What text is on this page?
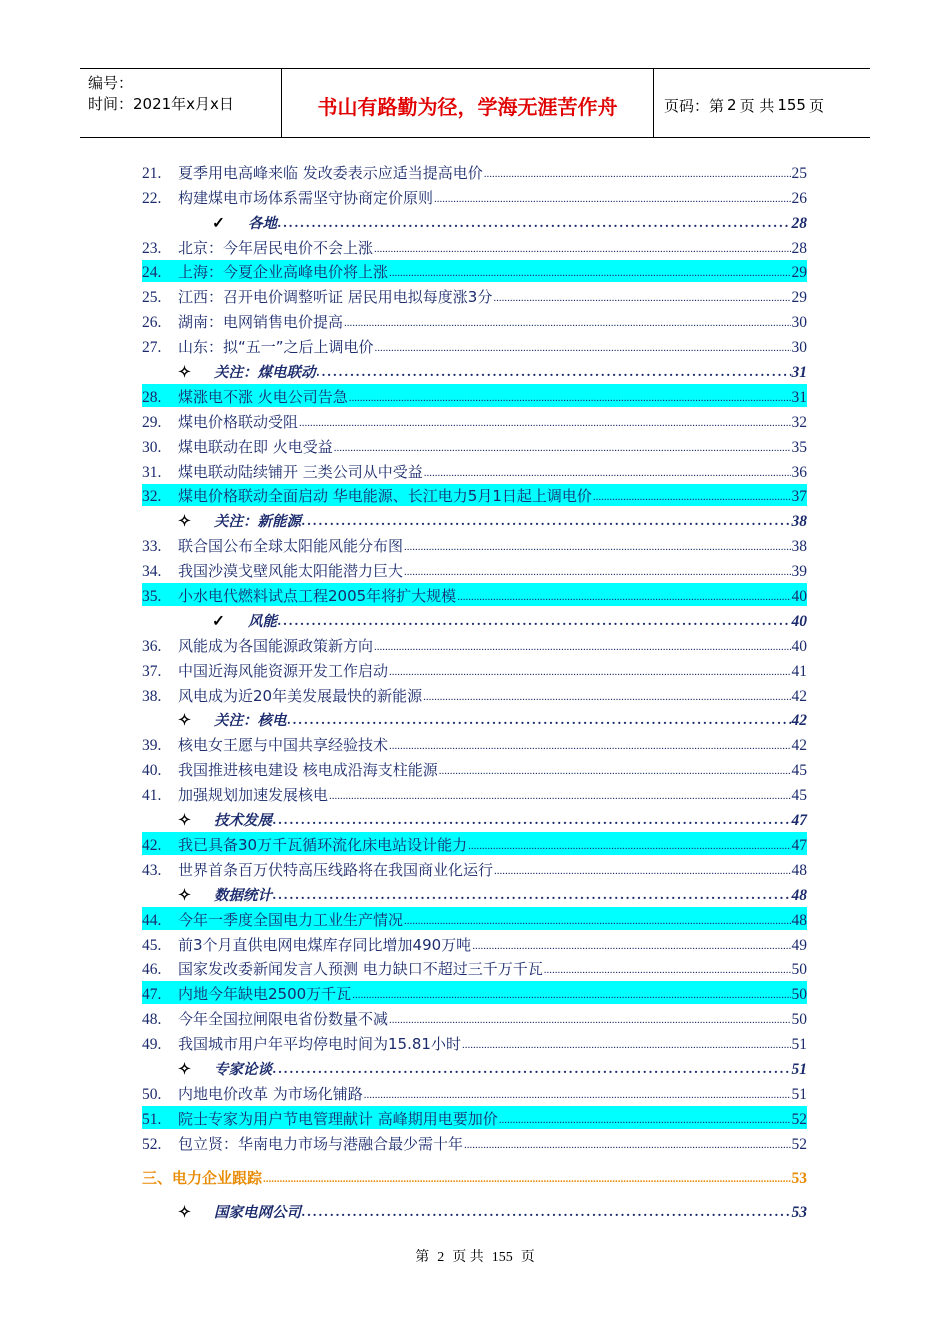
编号：
时间：2021年x月x日	书山有路勤为径，学海无涯苦作舟	页码：第 2 页 共 155 页
21.	夏季用电高峰来临 发改委表示应适当提高电价 .....	25
22.	构建煤电市场体系需坚守协商定价原则 .....	26
✓	各地 .....	28
23.	北京：今年居民电价不会上涨 .....	28
24.	上海：今夏企业高峰电价将上涨 .....	29
25.	江西：召开电价调整听证 居民用电拟每度涨3分 .....	29
26.	湖南：电网销售电价提高 .....	30
27.	山东：拟“五一”之后上调电价 .....	30
✧	关注：煤电联动 .....	31
28.	煤涨电不涨 火电公司告急 .....	31
29.	煤电价格联动受阻 .....	32
30.	煤电联动在即 火电受益 .....	35
31.	煤电联动陆续铺开 三类公司从中受益 .....	36
32.	煤电价格联动全面启动 华电能源、长江电力5月1日起上调电价 .....	37
✧	关注：新能源 .....	38
33.	联合国公布全球太阳能风能分布图 .....	38
34.	我国沙漠戈壁风能太阳能潜力巨大 .....	39
35.	小水电代燃料试点工程2005年将扩大规模 .....	40
✓	风能 .....	40
36.	风能成为各国能源政策新方向 .....	40
37.	中国近海风能资源开发工作启动 .....	41
38.	风电成为近20年美发展最快的新能源 .....	42
✧	关注：核电 .....	42
39.	核电女王愿与中国共享经验技术 .....	42
40.	我国推进核电建设 核电成沿海支柱能源 .....	45
41.	加强规划加速发展核电 .....	45
✧	技术发展 .....	47
42.	我已具备30万千瓦循环流化床电站设计能力 .....	47
43.	世界首条百万伏特高压线路将在我国商业化运行 .....	48
✧	数据统计 .....	48
44.	今年一季度全国电力工业生产情况 .....	48
45.	前3个月直供电网电煤库存同比增加490万吨 .....	49
46.	国家发改委新闻发言人预测 电力缺口不超过三千万千瓦 .....	50
47.	内地今年缺电2500万千瓦 .....	50
48.	今年全国拉闸限电省份数量不减 .....	50
49.	我国城市用户年平均停电时间为15.81小时 .....	51
✧	专家论谈 .....	51
50.	内地电价改革 为市场化铺路 .....	51
51.	院士专家为用户节电管理献计 高峰期用电要加价 .....	52
52.	包立贤：华南电力市场与港融合最少需十年 .....	52
三、电力企业跟踪 .....	53
✧	国家电网公司 .....	53
第 2 页 共 155 页
